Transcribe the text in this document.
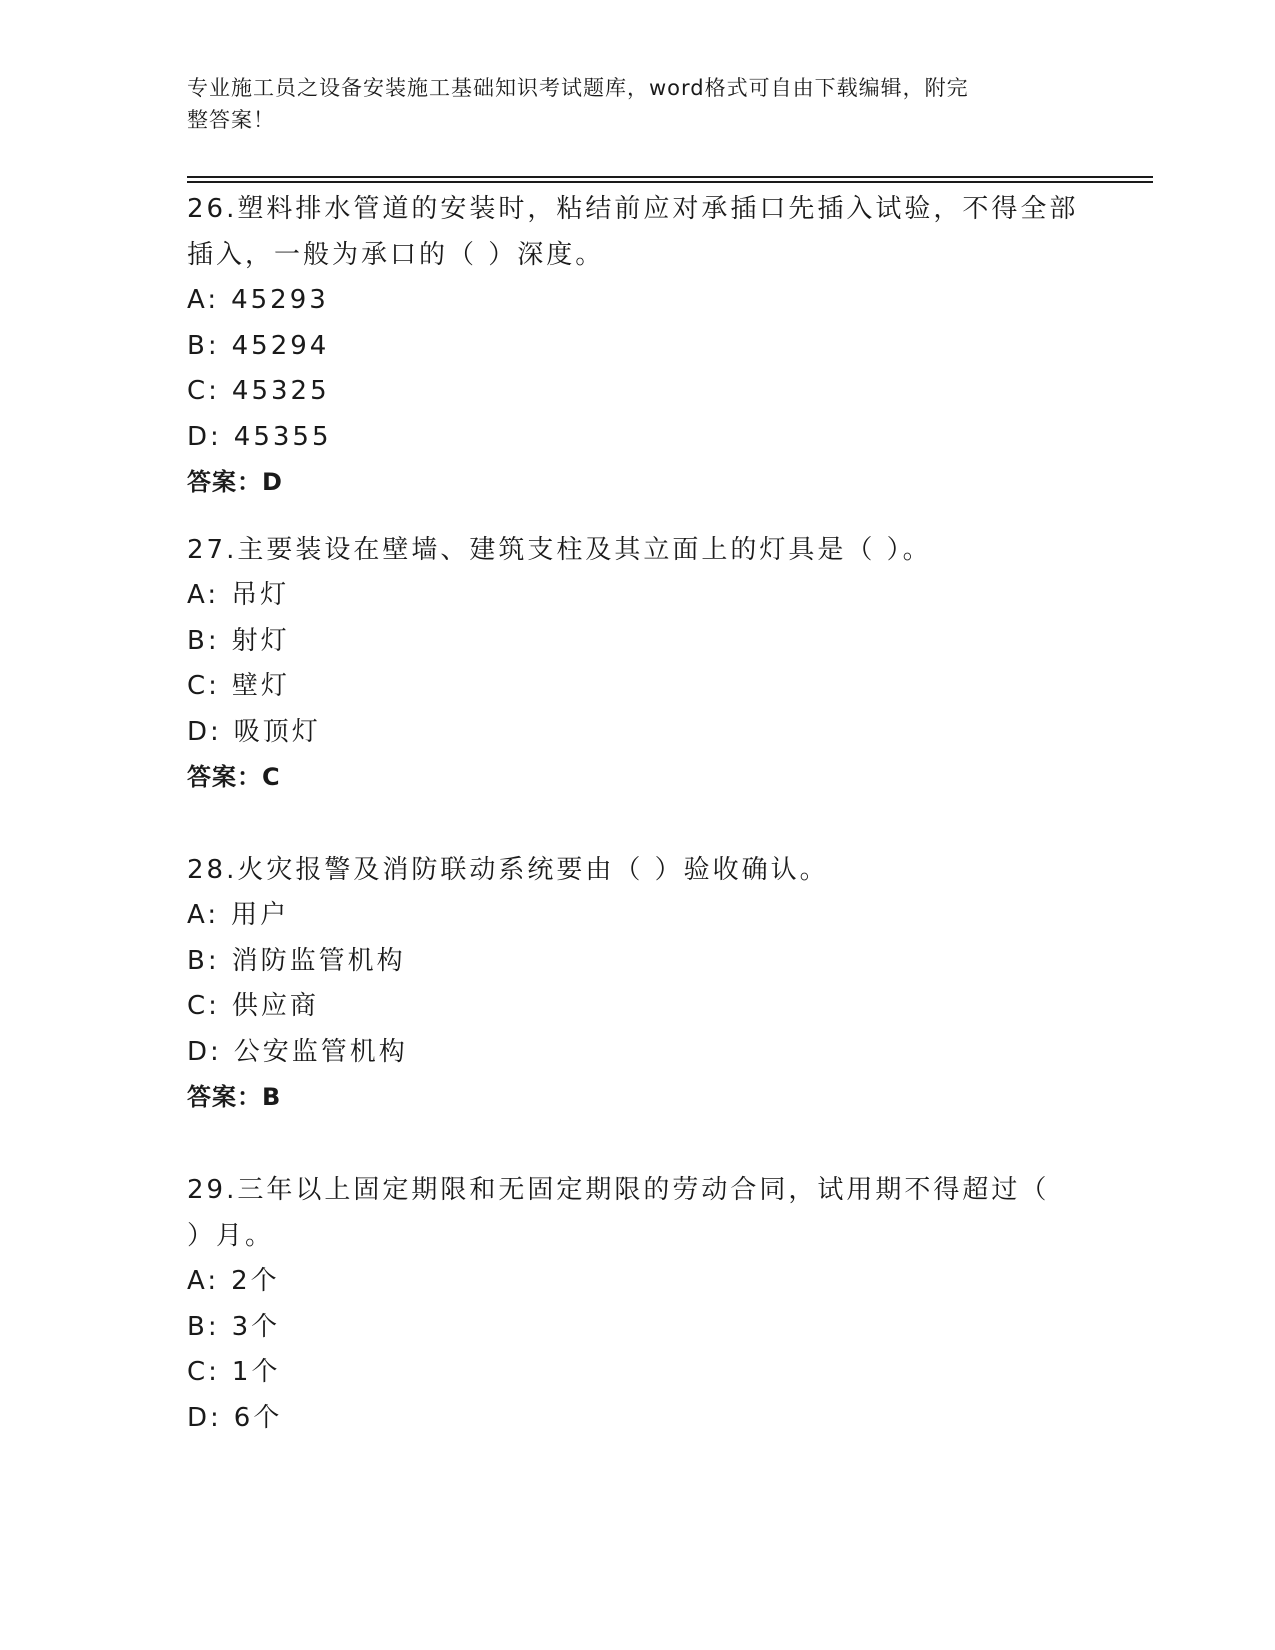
专业施工员之设备安装施工基础知识考试题库，word格式可自由下载编辑，附完
整答案！
26.塑料排水管道的安装时，粘结前应对承插口先插入试验，不得全部
插入，一般为承口的（ ）深度。
A: 45293
B: 45294
C: 45325
D: 45355
答案：D
27.主要装设在壁墙、建筑支柱及其立面上的灯具是（ ）。
A: 吊灯
B: 射灯
C: 壁灯
D: 吸顶灯
答案：C
28.火灾报警及消防联动系统要由（ ）验收确认。
A: 用户
B: 消防监管机构
C: 供应商
D: 公安监管机构
答案：B
29.三年以上固定期限和无固定期限的劳动合同，试用期不得超过（
）月。
A: 2个
B: 3个
C: 1个
D: 6个
